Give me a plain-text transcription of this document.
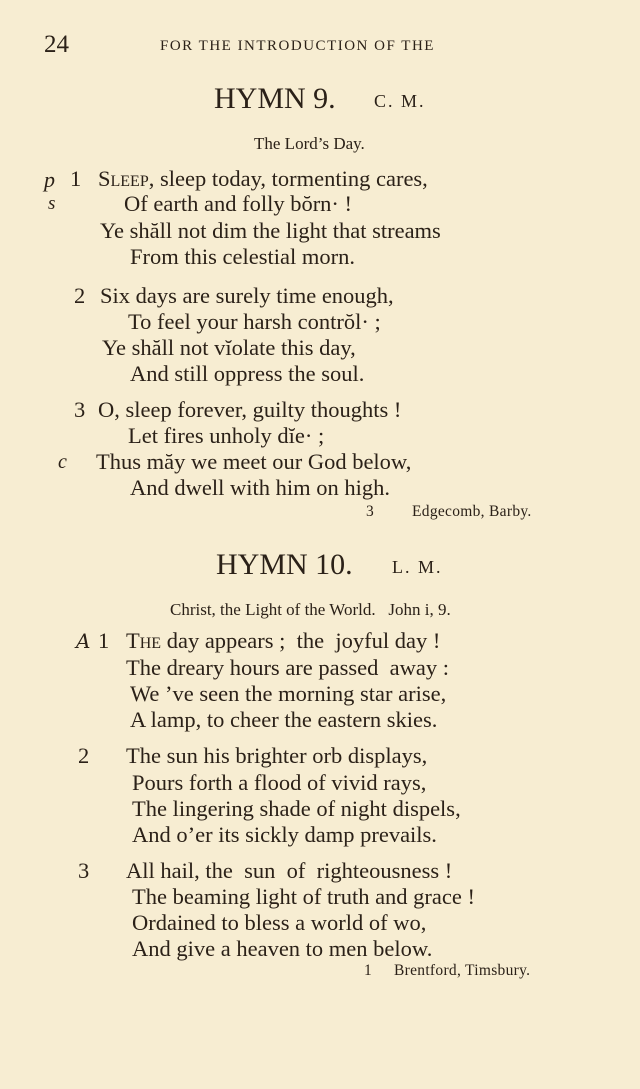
24	FOR THE INTRODUCTION OF THE
HYMN 9. C. M.
The Lord’s Day.
p 1 Sleep, sleep today, tormenting cares,
s	Of earth and folly bŏrn· !
Ye shăll not dim the light that streams
From this celestial morn.
2 Six days are surely time enough,
To feel your harsh contrŏl· ;
Ye shăll not vĭolate this day,
And still oppress the soul.
3 O, sleep forever, guilty thoughts !
Let fires unholy dĭe· ;
c Thus măy we meet our God below,
And dwell with him on high.
3 Edgecomb, Barby.
HYMN 10. L. M.
Christ, the Light of the World.   John i, 9.
A 1 The day appears ;  the  joyful day !
The dreary hours are passed  away :
We ’ve seen the morning star arise,
A lamp, to cheer the eastern skies.
2 The sun his brighter orb displays,
Pours forth a flood of vivid rays,
The lingering shade of night dispels,
And o’er its sickly damp prevails.
3 All hail, the  sun  of  righteousness !
The beaming light of truth and grace !
Ordained to bless a world of wo,
And give a heaven to men below.
1 Brentford, Timsbury.
